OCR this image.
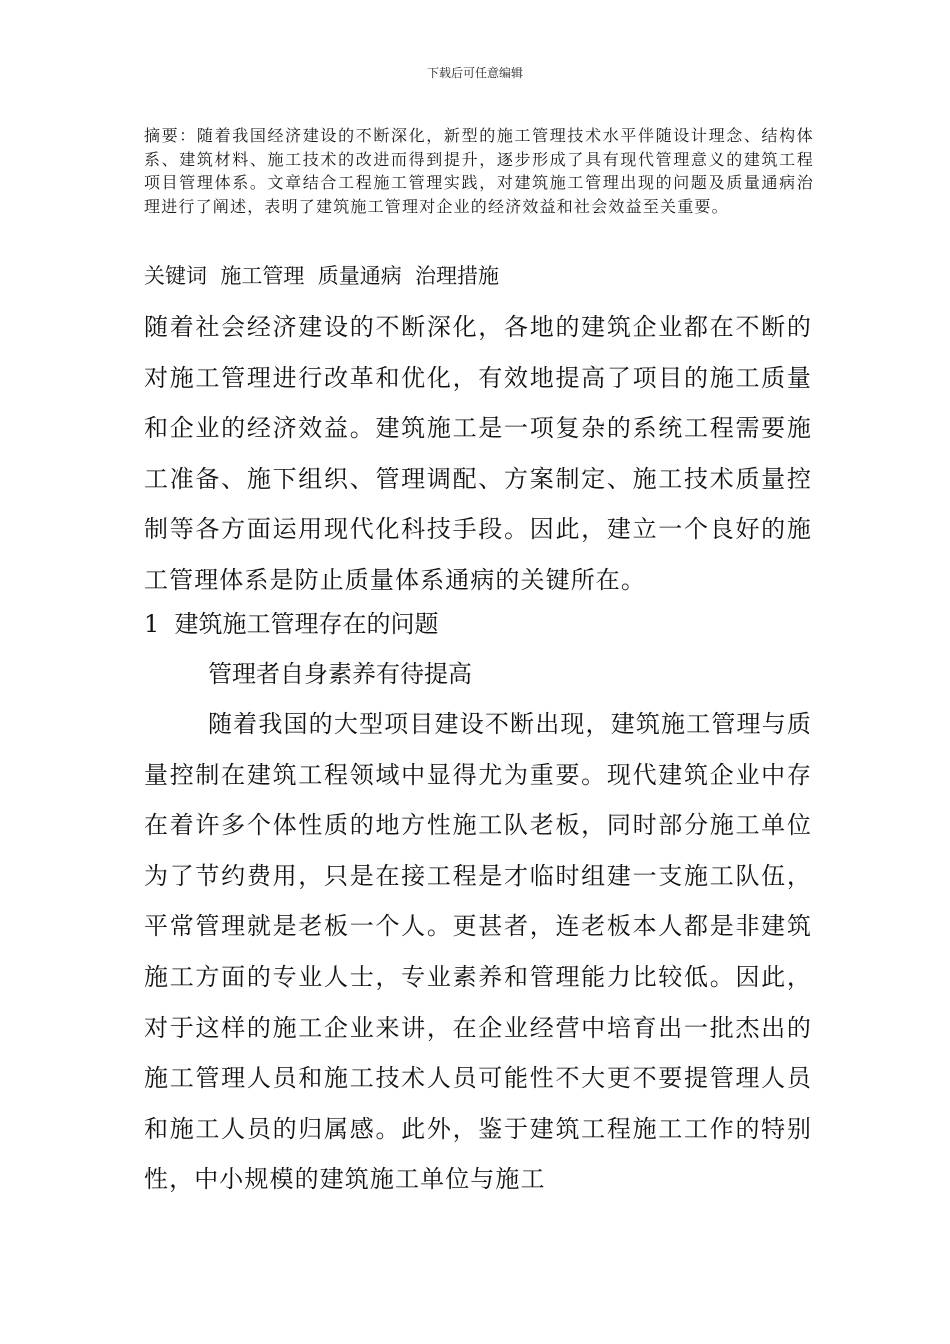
下载后可任意编辑
摘要：随着我国经济建设的不断深化，新型的施工管理技术水平伴随设计理念、结构体系、建筑材料、施工技术的改进而得到提升，逐步形成了具有现代管理意义的建筑工程项目管理体系。文章结合工程施工管理实践，对建筑施工管理出现的问题及质量通病治理进行了阐述，表明了建筑施工管理对企业的经济效益和社会效益至关重要。
关键词  施工管理  质量通病  治理措施
随着社会经济建设的不断深化，各地的建筑企业都在不断的对施工管理进行改革和优化，有效地提高了项目的施工质量和企业的经济效益。建筑施工是一项复杂的系统工程需要施工准备、施下组织、管理调配、方案制定、施工技术质量控制等各方面运用现代化科技手段。因此，建立一个良好的施工管理体系是防止质量体系通病的关键所在。
1  建筑施工管理存在的问题
管理者自身素养有待提高
随着我国的大型项目建设不断出现，建筑施工管理与质量控制在建筑工程领域中显得尤为重要。现代建筑企业中存在着许多个体性质的地方性施工队老板，同时部分施工单位为了节约费用，只是在接工程是才临时组建一支施工队伍，平常管理就是老板一个人。更甚者，连老板本人都是非建筑施工方面的专业人士，专业素养和管理能力比较低。因此，对于这样的施工企业来讲，在企业经营中培育出一批杰出的施工管理人员和施工技术人员可能性不大更不要提管理人员和施工人员的归属感。此外，鉴于建筑工程施工工作的特别性，中小规模的建筑施工单位与施工
